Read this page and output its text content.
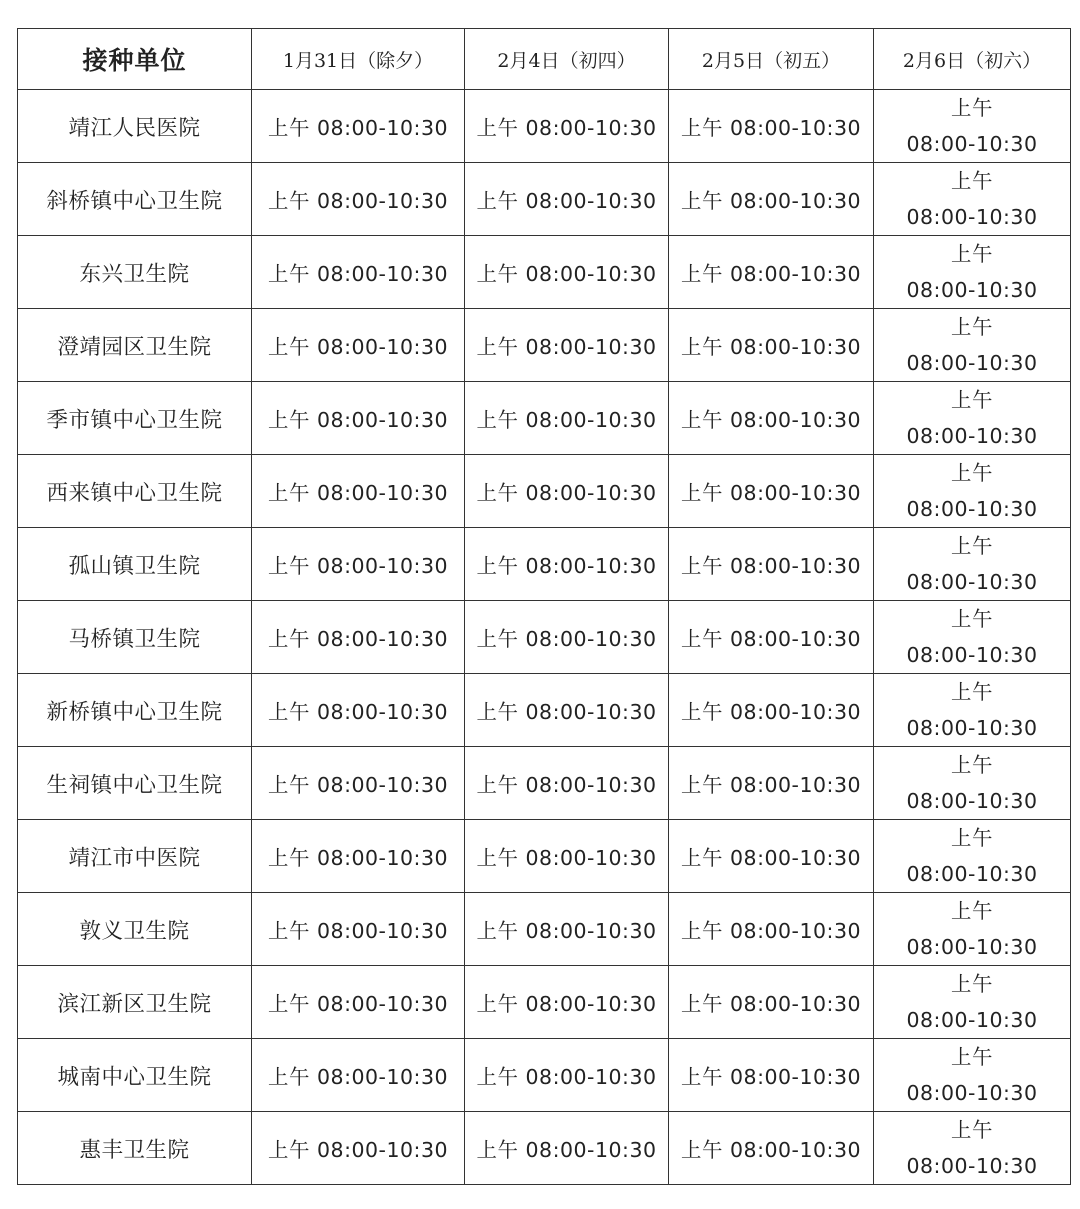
接种单位	1月31日（除夕）	2月4日（初四）	2月5日（初五）	2月6日（初六）
靖江人民医院	上午 08:00-10:30	上午 08:00-10:30	上午 08:00-10:30	上午
08:00-10:30

斜桥镇中心卫生院	上午 08:00-10:30	上午 08:00-10:30	上午 08:00-10:30	上午
08:00-10:30

东兴卫生院	上午 08:00-10:30	上午 08:00-10:30	上午 08:00-10:30	上午
08:00-10:30

澄靖园区卫生院	上午 08:00-10:30	上午 08:00-10:30	上午 08:00-10:30	上午
08:00-10:30

季市镇中心卫生院	上午 08:00-10:30	上午 08:00-10:30	上午 08:00-10:30	上午
08:00-10:30

西来镇中心卫生院	上午 08:00-10:30	上午 08:00-10:30	上午 08:00-10:30	上午
08:00-10:30

孤山镇卫生院	上午 08:00-10:30	上午 08:00-10:30	上午 08:00-10:30	上午
08:00-10:30

马桥镇卫生院	上午 08:00-10:30	上午 08:00-10:30	上午 08:00-10:30	上午
08:00-10:30

新桥镇中心卫生院	上午 08:00-10:30	上午 08:00-10:30	上午 08:00-10:30	上午
08:00-10:30

生祠镇中心卫生院	上午 08:00-10:30	上午 08:00-10:30	上午 08:00-10:30	上午
08:00-10:30

靖江市中医院	上午 08:00-10:30	上午 08:00-10:30	上午 08:00-10:30	上午
08:00-10:30

敦义卫生院	上午 08:00-10:30	上午 08:00-10:30	上午 08:00-10:30	上午
08:00-10:30

滨江新区卫生院	上午 08:00-10:30	上午 08:00-10:30	上午 08:00-10:30	上午
08:00-10:30

城南中心卫生院	上午 08:00-10:30	上午 08:00-10:30	上午 08:00-10:30	上午
08:00-10:30

惠丰卫生院	上午 08:00-10:30	上午 08:00-10:30	上午 08:00-10:30	上午
08:00-10:30
